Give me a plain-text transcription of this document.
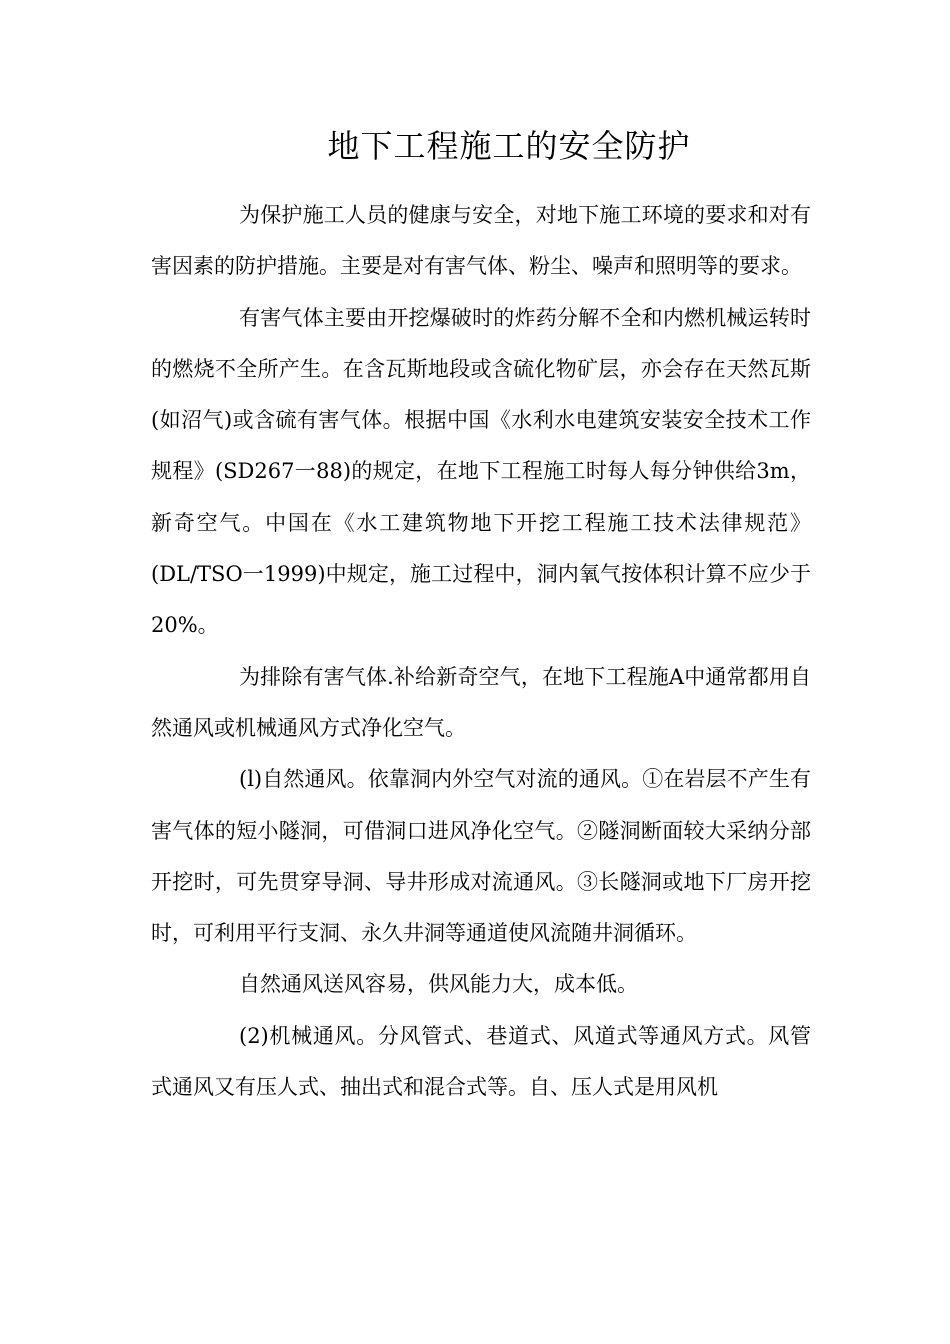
地下工程施工的安全防护

为保护施工人员的健康与安全，对地下施工环境的要求和对有害因素的防护措施。主要是对有害气体、粉尘、噪声和照明等的要求。

有害气体主要由开挖爆破时的炸药分解不全和内燃机械运转时的燃烧不全所产生。在含瓦斯地段或含硫化物矿层，亦会存在天然瓦斯(如沼气)或含硫有害气体。根据中国《水利水电建筑安装安全技术工作规程》(SD267一88)的规定，在地下工程施工时每人每分钟供给3m，新奇空气。中国在《水工建筑物地下开挖工程施工技术法律规范》(DL/TSO一1999)中规定，施工过程中，洞内氧气按体积计算不应少于20%。

为排除有害气体.补给新奇空气，在地下工程施A中通常都用自然通风或机械通风方式净化空气。

(l)自然通风。依靠洞内外空气对流的通风。①在岩层不产生有害气体的短小隧洞，可借洞口进风净化空气。②隧洞断面较大采纳分部开挖时，可先贯穿导洞、导井形成对流通风。③长隧洞或地下厂房开挖时，可利用平行支洞、永久井洞等通道使风流随井洞循环。

自然通风送风容易，供风能力大，成本低。

(2)机械通风。分风管式、巷道式、风道式等通风方式。风管式通风又有压人式、抽出式和混合式等。自、压人式是用风机
